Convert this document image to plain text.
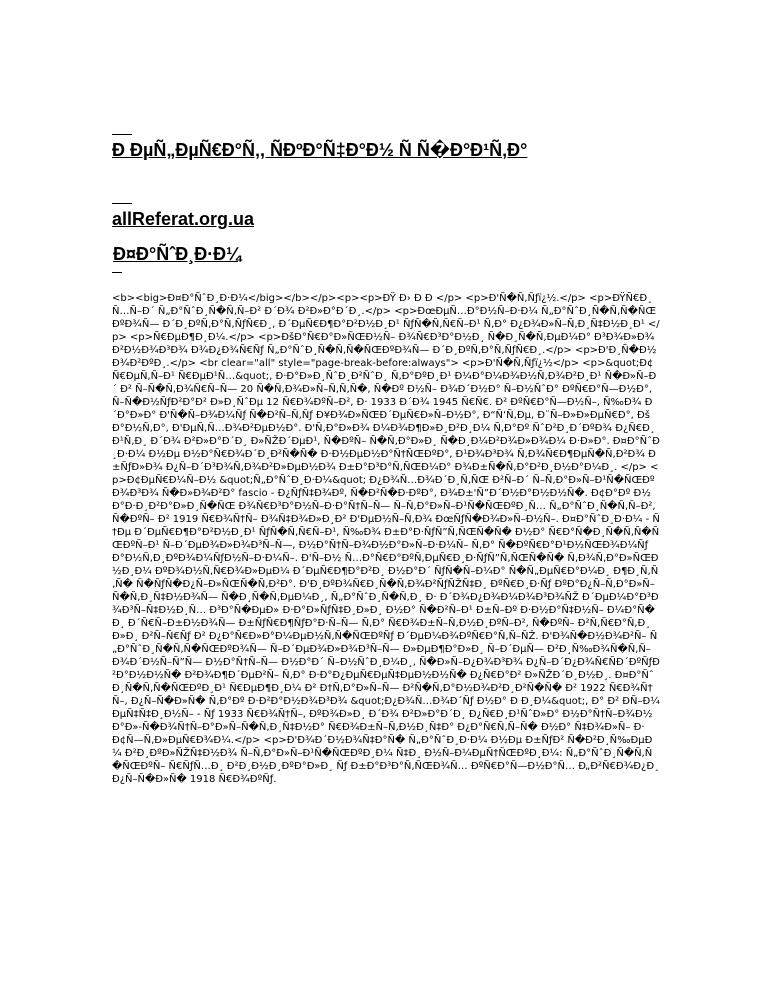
Ð ÐµÑ„ÐµÑ€Ð°Ñ‚, ÑÐºÐ°Ñ‡Ð°Ð½ Ñ Ñ�Ð°Ð¹Ñ‚Ð°

allReferat.org.ua

Ð¤Ð°ÑˆÐ¸Ð·Ð¼

<b><big>Ð¤Ð°ÑˆÐ¸Ð·Ð¼</big></b></p><p><p>ÐŸ Ð› Ð Ð </p> <p>Ð'Ñ�Ñ‚Ñƒï¿½.</p> <p>ÐŸÑ€Ð¸Ñ…Ñ–Ð´ Ñ„Ð°ÑˆÐ¸Ñ�Ñ‚Ñ–Ð² Ð´Ð¾ Ð²Ð»Ð°Ð´Ð¸.</p> <p>ÐœÐµÑ…Ð°Ð½Ñ–Ð·Ð¼ Ñ„Ð°ÑˆÐ¸Ñ�Ñ‚Ñ�ÑŒÐºÐ¾Ñ— Ð´Ð¸ÐºÑ‚Ð°Ñ‚ÑƒÑ€Ð¸, Ð´ÐµÑ€Ð¶Ð°Ð²Ð½Ð¸Ð¹ ÑƒÑ�Ñ‚Ñ€Ñ–Ð¹ Ñ‚Ð° Ð¿Ð¾Ð»Ñ–Ñ‚Ð¸Ñ‡Ð½Ð¸Ð¹ </p> <p>Ñ€ÐµÐ¶Ð¸Ð¼.</p> <p>ÐšÐ°Ñ€Ð°Ð»ÑŒÐ½Ñ– Ð¾Ñ€Ð³Ð°Ð½Ð¸ Ñ�Ð¸Ñ�Ñ‚ÐµÐ¼Ð° Ð³Ð¾Ð»Ð¾Ð²Ð½Ð¾Ð³Ð¾ Ð¾Ð¿Ð¾Ñ€Ñƒ Ñ„Ð°ÑˆÐ¸Ñ�Ñ‚Ñ�ÑŒÐºÐ¾Ñ— Ð´Ð¸ÐºÑ‚Ð°Ñ‚ÑƒÑ€Ð¸.</p> <p>Ð'Ð¸Ñ�Ð½Ð¾Ð²ÐºÐ¸.</p> <br clear="all" style="page-break-before:always"> <p>Ð'Ñ�Ñ‚Ñƒï¿½</p> <p>&quot;Ð¢Ñ€ÐµÑ‚Ñ–Ð¹ Ñ€ÐµÐ¹Ñ…&quot;, Ð·Ð°Ð»Ð¸ÑˆÐ¸Ð²ÑˆÐ¸ Ñ‚Ð°ÐºÐ¸Ð¹ Ð¼Ð°Ð¼Ð¾Ð½Ñ‚Ð¾Ð²Ð¸Ð¹ Ñ�Ð»Ñ–Ð´ Ð² Ñ–Ñ�Ñ‚Ð¾Ñ€Ñ–Ñ— 20 Ñ�Ñ‚Ð¾Ð»Ñ–Ñ‚Ñ‚Ñ�, Ñ�Ðº Ð½Ñ– Ð¾Ð´Ð½Ð° Ñ–Ð½ÑˆÐ° ÐºÑ€Ð°Ñ—Ð½Ð°, Ñ–Ñ�Ð½ÑƒÐ²Ð°Ð² Ð»Ð¸ÑˆÐµ 12 Ñ€Ð¾ÐºÑ–Ð², Ð· 1933 Ð´Ð¾ 1945 Ñ€Ñ€. Ð² ÐºÑ€Ð°Ñ—Ð½Ñ–, Ñ‰Ð¾ Ð´Ð°Ð»Ð° Ð'Ñ�Ñ–Ð¾Ð¼Ñƒ Ñ�Ð²Ñ–Ñ‚Ñƒ Ð¥Ð¾Ð»ÑŒÐ´ÐµÑ€Ð»Ñ–Ð½Ð°, Ð“Ñ‘Ñ‚Ðµ, Ð¨Ñ–Ð»Ð»ÐµÑ€Ð°, ÐšÐ°Ð½Ñ‚Ð°, Ð'ÐµÑ‚Ñ…Ð¾Ð²ÐµÐ½Ð°. Ð'Ñ‚Ð°Ð»Ð¾ Ð¼Ð¾Ð¶Ð»Ð¸Ð²Ð¸Ð¼ Ñ‚Ð°Ðº ÑˆÐ²Ð¸Ð´ÐºÐ¾ Ð¿Ñ€Ð¸Ð¹Ñ‚Ð¸ Ð´Ð¾ Ð²Ð»Ð°Ð´Ð¸ Ð»ÑŽÐ´ÐµÐ¹, Ñ�ÐºÑ– Ñ�Ñ‚Ð°Ð»Ð¸ Ñ�Ð¸Ð¼Ð²Ð¾Ð»Ð¾Ð¼ Ð·Ð»Ð°. Ð¤Ð°ÑˆÐ¸Ð·Ð¼ Ð½Ðµ Ð½Ð°Ñ€Ð¾Ð´Ð¸Ð²Ñ�Ñ� Ð·Ð½ÐµÐ½Ð°Ñ†ÑŒÐºÐ°, Ð¹Ð¾Ð³Ð¾ Ñ‚Ð¾Ñ€Ð¶ÐµÑ�Ñ‚Ð²Ð¾ Ð±ÑƒÐ»Ð¾ Ð¿Ñ–Ð´Ð³Ð¾Ñ‚Ð¾Ð²Ð»ÐµÐ½Ð¾ Ð±Ð°Ð³Ð°Ñ‚ÑŒÐ¼Ð° Ð¾Ð±Ñ�Ñ‚Ð°Ð²Ð¸Ð½Ð°Ð¼Ð¸. </p> <p>Ð¢ÐµÑ€Ð¼Ñ–Ð½ &quot;Ñ„Ð°ÑˆÐ¸Ð·Ð¼&quot; Ð¿Ð¾Ñ…Ð¾Ð´Ð¸Ñ‚ÑŒ Ð²Ñ–Ð´ Ñ–Ñ‚Ð°Ð»Ñ–Ð¹Ñ�ÑŒÐºÐ¾Ð³Ð¾ Ñ�Ð»Ð¾Ð²Ð° fascio - Ð¿ÑƒÑ‡Ð¾Ðº, Ñ�Ð²Ñ�Ð·ÐºÐ°, Ð¾Ð±'Ñ”Ð´Ð½Ð°Ð½Ð½Ñ�. Ð¢Ð°Ðº Ð½Ð°Ð·Ð¸Ð²Ð°Ð»Ð¸Ñ�ÑŒ Ð¾Ñ€Ð³Ð°Ð½Ñ–Ð·Ð°Ñ†Ñ–Ñ— Ñ–Ñ‚Ð°Ð»Ñ–Ð¹Ñ�ÑŒÐºÐ¸Ñ… Ñ„Ð°ÑˆÐ¸Ñ�Ñ‚Ñ–Ð², Ñ�ÐºÑ– Ð² 1919 Ñ€Ð¾Ñ†Ñ– Ð¾Ñ‡Ð¾Ð»Ð¸Ð² Ð'ÐµÐ½Ñ–Ñ‚Ð¾ ÐœÑƒÑ�Ð¾Ð»Ñ–Ð½Ñ–. Ð¤Ð°ÑˆÐ¸Ð·Ð¼ - Ñ†Ðµ Ð´ÐµÑ€Ð¶Ð°Ð²Ð½Ð¸Ð¹ ÑƒÑ�Ñ‚Ñ€Ñ–Ð¹, Ñ‰Ð¾ Ð±Ð°Ð·ÑƒÑ”Ñ‚ÑŒÑ�Ñ� Ð½Ð° Ñ€Ð°Ñ�Ð¸Ñ�Ñ‚Ñ�ÑŒÐºÑ–Ð¹ Ñ–Ð´ÐµÐ¾Ð»Ð¾Ð³Ñ–Ñ—, Ð½Ð°Ñ†Ñ–Ð¾Ð½Ð°Ð»Ñ–Ð·Ð¼Ñ– Ñ‚Ð° Ñ�ÐºÑ€Ð°Ð¹Ð½ÑŒÐ¾Ð¼Ñƒ Ð°Ð½Ñ‚Ð¸ÐºÐ¾Ð¼ÑƒÐ½Ñ–Ð·Ð¼Ñ–. Ð'Ñ–Ð½ Ñ…Ð°Ñ€Ð°ÐºÑ‚ÐµÑ€Ð¸Ð·ÑƒÑ”Ñ‚ÑŒÑ�Ñ� Ñ‚Ð¾Ñ‚Ð°Ð»ÑŒÐ½Ð¸Ð¼ ÐºÐ¾Ð½Ñ‚Ñ€Ð¾Ð»ÐµÐ¼ Ð´ÐµÑ€Ð¶Ð°Ð²Ð¸ Ð½Ð°Ð´ ÑƒÑ�Ñ–Ð¼Ð° Ñ�Ñ„ÐµÑ€Ð°Ð¼Ð¸ Ð¶Ð¸Ñ‚Ñ‚Ñ� Ñ�ÑƒÑ�Ð¿Ñ–Ð»ÑŒÑ�Ñ‚Ð²Ð°. Ð'Ð¸ÐºÐ¾Ñ€Ð¸Ñ�Ñ‚Ð¾Ð²ÑƒÑŽÑ‡Ð¸ ÐºÑ€Ð¸Ð·Ñƒ ÐºÐ°Ð¿Ñ–Ñ‚Ð°Ð»Ñ–Ñ�Ñ‚Ð¸Ñ‡Ð½Ð¾Ñ— Ñ�Ð¸Ñ�Ñ‚ÐµÐ¼Ð¸, Ñ„Ð°ÑˆÐ¸Ñ�Ñ‚Ð¸ Ð· Ð´Ð¾Ð¿Ð¾Ð¼Ð¾Ð³Ð¾ÑŽ Ð´ÐµÐ¼Ð°Ð³Ð¾Ð³Ñ–Ñ‡Ð½Ð¸Ñ… Ð³Ð°Ñ�ÐµÐ» Ð·Ð°Ð»ÑƒÑ‡Ð¸Ð»Ð¸ Ð½Ð° Ñ�Ð²Ñ–Ð¹ Ð±Ñ–Ðº Ð·Ð½Ð°Ñ‡Ð½Ñ– Ð¼Ð°Ñ�Ð¸ Ð´Ñ€Ñ–Ð±Ð½Ð¾Ñ— Ð±ÑƒÑ€Ð¶ÑƒÐ°Ð·Ñ–Ñ— Ñ‚Ð° Ñ€Ð¾Ð±Ñ–Ñ‚Ð½Ð¸ÐºÑ–Ð², Ñ�ÐºÑ– Ð²Ñ‚Ñ€Ð°Ñ‚Ð¸Ð»Ð¸ Ð²Ñ–Ñ€Ñƒ Ð² Ð¿Ð°Ñ€Ð»Ð°Ð¼ÐµÐ½Ñ‚Ñ�ÑŒÐºÑƒ Ð´ÐµÐ¼Ð¾ÐºÑ€Ð°Ñ‚Ñ–ÑŽ. Ð'Ð¾Ñ�Ð½Ð¾Ð²Ñ– Ñ„Ð°ÑˆÐ¸Ñ�Ñ‚Ñ�ÑŒÐºÐ¾Ñ— Ñ–Ð´ÐµÐ¾Ð»Ð¾Ð³Ñ–Ñ— Ð»ÐµÐ¶Ð°Ð»Ð¸ Ñ–Ð´ÐµÑ— Ð²Ð¸Ñ‰Ð¾Ñ�Ñ‚Ñ– Ð¾Ð´Ð½Ñ–Ñ”Ñ— Ð½Ð°Ñ†Ñ–Ñ— Ð½Ð°Ð´ Ñ–Ð½ÑˆÐ¸Ð¼Ð¸, Ñ�Ð»Ñ–Ð¿Ð¾Ð³Ð¾ Ð¿Ñ–Ð´Ð¿Ð¾Ñ€ÑÐ´ÐºÑƒÐ²Ð°Ð½Ð½Ñ� Ð²Ð¾Ð¶Ð´ÐµÐ²Ñ– Ñ‚Ð° Ð·Ð°Ð¿ÐµÑ€ÐµÑ‡ÐµÐ½Ð½Ñ� Ð¿Ñ€Ð°Ð² Ð»ÑŽÐ´Ð¸Ð½Ð¸. Ð¤Ð°ÑˆÐ¸Ñ�Ñ‚Ñ�ÑŒÐºÐ¸Ð¹ Ñ€ÐµÐ¶Ð¸Ð¼ Ð² Ð†Ñ‚Ð°Ð»Ñ–Ñ— Ð²Ñ�Ñ‚Ð°Ð½Ð¾Ð²Ð¸Ð²Ñ�Ñ� Ð² 1922 Ñ€Ð¾Ñ†Ñ–, Ð¿Ñ–Ñ�Ð»Ñ� Ñ‚Ð°Ðº Ð·Ð²Ð°Ð½Ð¾Ð³Ð¾ &quot;Ð¿Ð¾Ñ…Ð¾Ð´Ñƒ Ð½Ð° Ð Ð¸Ð¼&quot;, Ð° Ð² ÐÑ–Ð¼ÐµÑ‡Ñ‡Ð¸Ð½Ñ– - Ñƒ 1933 Ñ€Ð¾Ñ†Ñ–, ÐºÐ¾Ð»Ð¸ Ð´Ð¾ Ð²Ð»Ð°Ð´Ð¸ Ð¿Ñ€Ð¸Ð¹ÑˆÐ»Ð° Ð½Ð°Ñ†Ñ–Ð¾Ð½Ð°Ð»-Ñ�Ð¾Ñ†Ñ–Ð°Ð»Ñ–Ñ�Ñ‚Ð¸Ñ‡Ð½Ð° Ñ€Ð¾Ð±Ñ–Ñ‚Ð½Ð¸Ñ‡Ð° Ð¿Ð°Ñ€Ñ‚Ñ–Ñ� Ð½Ð° Ñ‡Ð¾Ð»Ñ– Ð· Ð¢Ñ—Ñ‚Ð»ÐµÑ€Ð¾Ð¼.</p> <p>Ð'Ð¾Ð´Ð½Ð¾Ñ‡Ð°Ñ� Ñ„Ð°ÑˆÐ¸Ð·Ð¼ Ð½Ðµ Ð±ÑƒÐ² Ñ�Ð²Ð¸Ñ‰ÐµÐ¼ Ð²Ð¸ÐºÐ»ÑŽÑ‡Ð½Ð¾ Ñ–Ñ‚Ð°Ð»Ñ–Ð¹Ñ�ÑŒÐºÐ¸Ð¼ Ñ‡Ð¸ Ð½Ñ–Ð¼ÐµÑ†ÑŒÐºÐ¸Ð¼: Ñ„Ð°ÑˆÐ¸Ñ�Ñ‚Ñ�ÑŒÐºÑ– Ñ€ÑƒÑ…Ð¸ Ð²Ð¸Ð½Ð¸ÐºÐ°Ð»Ð¸ Ñƒ Ð±Ð°Ð³Ð°Ñ‚ÑŒÐ¾Ñ… ÐºÑ€Ð°Ñ—Ð½Ð°Ñ… Ð„Ð²Ñ€Ð¾Ð¿Ð¸ Ð¿Ñ–Ñ�Ð»Ñ� 1918 Ñ€Ð¾ÐºÑƒ.
